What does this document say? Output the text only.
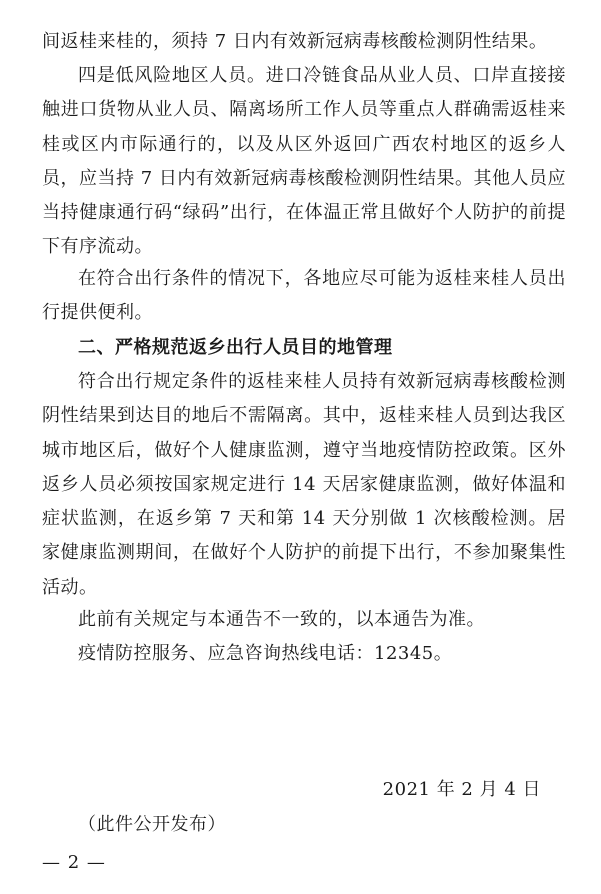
间返桂来桂的，须持 7 日内有效新冠病毒核酸检测阴性结果。

四是低风险地区人员。进口冷链食品从业人员、口岸直接接触进口货物从业人员、隔离场所工作人员等重点人群确需返桂来桂或区内市际通行的，以及从区外返回广西农村地区的返乡人员，应当持 7 日内有效新冠病毒核酸检测阴性结果。其他人员应当持健康通行码“绿码”出行，在体温正常且做好个人防护的前提下有序流动。

在符合出行条件的情况下，各地应尽可能为返桂来桂人员出行提供便利。

二、严格规范返乡出行人员目的地管理

符合出行规定条件的返桂来桂人员持有效新冠病毒核酸检测阴性结果到达目的地后不需隔离。其中，返桂来桂人员到达我区城市地区后，做好个人健康监测，遵守当地疫情防控政策。区外返乡人员必须按国家规定进行 14 天居家健康监测，做好体温和症状监测，在返乡第 7 天和第 14 天分别做 1 次核酸检测。居家健康监测期间，在做好个人防护的前提下出行，不参加聚集性活动。

此前有关规定与本通告不一致的，以本通告为准。

疫情防控服务、应急咨询热线电话：12345。

2021 年 2 月 4 日
（此件公开发布）
— 2 —
